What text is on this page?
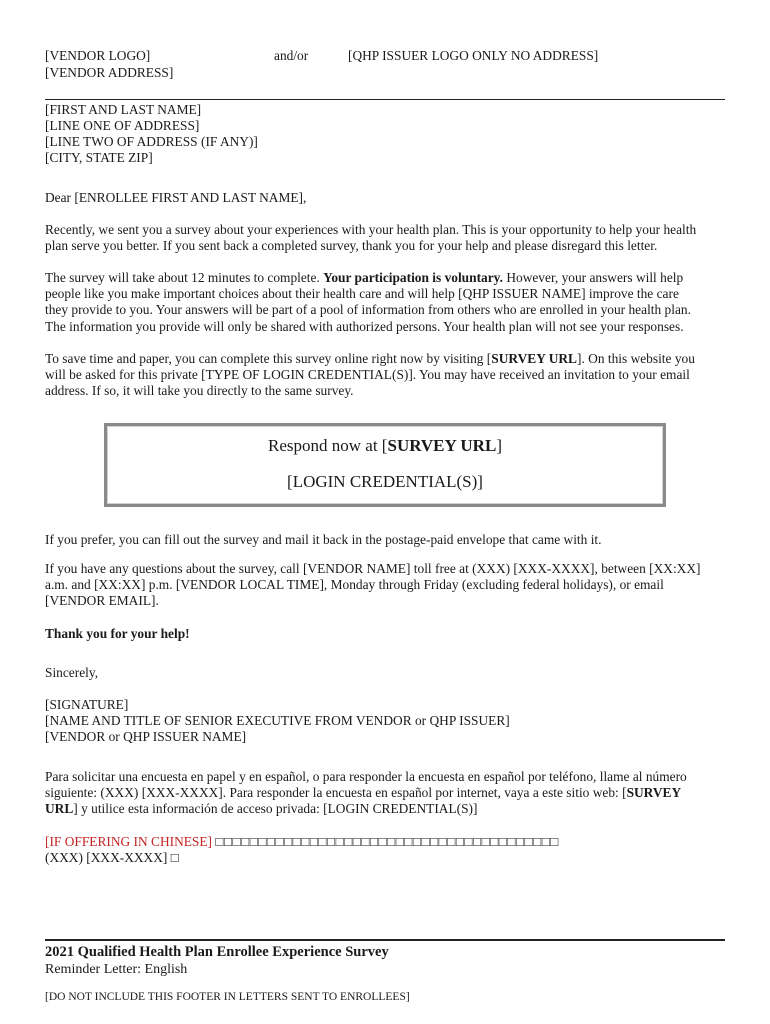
[VENDOR LOGO]
[VENDOR ADDRESS]
and/or	[QHP ISSUER LOGO ONLY NO ADDRESS]
[FIRST AND LAST NAME]
[LINE ONE OF ADDRESS]
[LINE TWO OF ADDRESS (IF ANY)]
[CITY, STATE ZIP]
Dear [ENROLLEE FIRST AND LAST NAME],
Recently, we sent you a survey about your experiences with your health plan. This is your opportunity to help your health
plan serve you better. If you sent back a completed survey, thank you for your help and please disregard this letter.
The survey will take about 12 minutes to complete. Your participation is voluntary. However, your answers will help
people like you make important choices about their health care and will help [QHP ISSUER NAME] improve the care
they provide to you. Your answers will be part of a pool of information from others who are enrolled in your health plan.
The information you provide will only be shared with authorized persons. Your health plan will not see your responses.
To save time and paper, you can complete this survey online right now by visiting [SURVEY URL]. On this website you
will be asked for this private [TYPE OF LOGIN CREDENTIAL(S)]. You may have received an invitation to your email
address. If so, it will take you directly to the same survey.
Respond now at [SURVEY URL]
[LOGIN CREDENTIAL(S)]
If you prefer, you can fill out the survey and mail it back in the postage-paid envelope that came with it.
If you have any questions about the survey, call [VENDOR NAME] toll free at (XXX) [XXX-XXXX], between [XX:XX]
a.m. and [XX:XX] p.m. [VENDOR LOCAL TIME], Monday through Friday (excluding federal holidays), or email
[VENDOR EMAIL].
Thank you for your help!
Sincerely,
[SIGNATURE]
[NAME AND TITLE OF SENIOR EXECUTIVE FROM VENDOR or QHP ISSUER]
[VENDOR or QHP ISSUER NAME]
Para solicitar una encuesta en papel y en español, o para responder la encuesta en español por teléfono, llame al número
siguiente: (XXX) [XXX-XXXX]. Para responder la encuesta en español por internet, vaya a este sitio web: [SURVEY
URL] y utilice esta información de acceso privada: [LOGIN CREDENTIAL(S)]
[IF OFFERING IN CHINESE] □□□□□□□□□□□□□□□□□□□□□□□□□□□□□□□□□□□□□□□□
(XXX) [XXX-XXXX] □
2021 Qualified Health Plan Enrollee Experience Survey
Reminder Letter: English
[DO NOT INCLUDE THIS FOOTER IN LETTERS SENT TO ENROLLEES]
